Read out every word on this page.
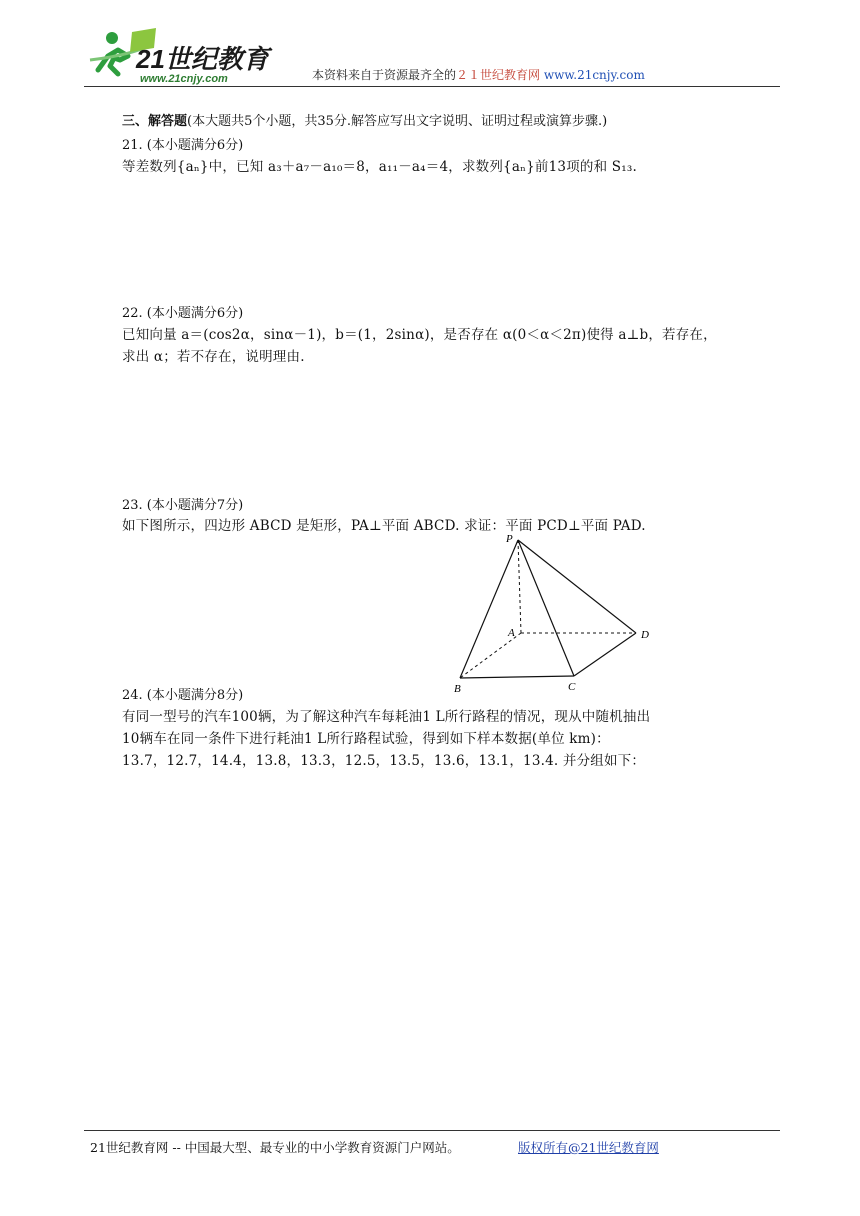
21世纪教育
www.21cnjy.com	本资料来自于资源最齐全的２１世纪教育网 www.21cnjy.com
三、解答题(本大题共5个小题，共35分.解答应写出文字说明、证明过程或演算步骤.)
21. (本小题满分6分)
等差数列{aₙ}中，已知 a₃＋a₇－a₁₀＝8，a₁₁－a₄＝4，求数列{aₙ}前13项的和 S₁₃.
22. (本小题满分6分)
已知向量 a＝(cos2α，sinα－1)，b＝(1，2sinα)，是否存在 α(0＜α＜2π)使得 a⊥b，若存在，
求出 α；若不存在，说明理由.
23. (本小题满分7分)
如下图所示，四边形 ABCD 是矩形，PA⊥平面 ABCD. 求证：平面 PCD⊥平面 PAD.
P
A
B	C
D
24. (本小题满分8分)
有同一型号的汽车100辆，为了解这种汽车每耗油1 L所行路程的情况，现从中随机抽出
10辆车在同一条件下进行耗油1 L所行路程试验，得到如下样本数据(单位 km)：
13.7，12.7，14.4，13.8，13.3，12.5，13.5，13.6，13.1，13.4. 并分组如下：
21世纪教育网 -- 中国最大型、最专业的中小学教育资源门户网站。	版权所有@21世纪教育网
